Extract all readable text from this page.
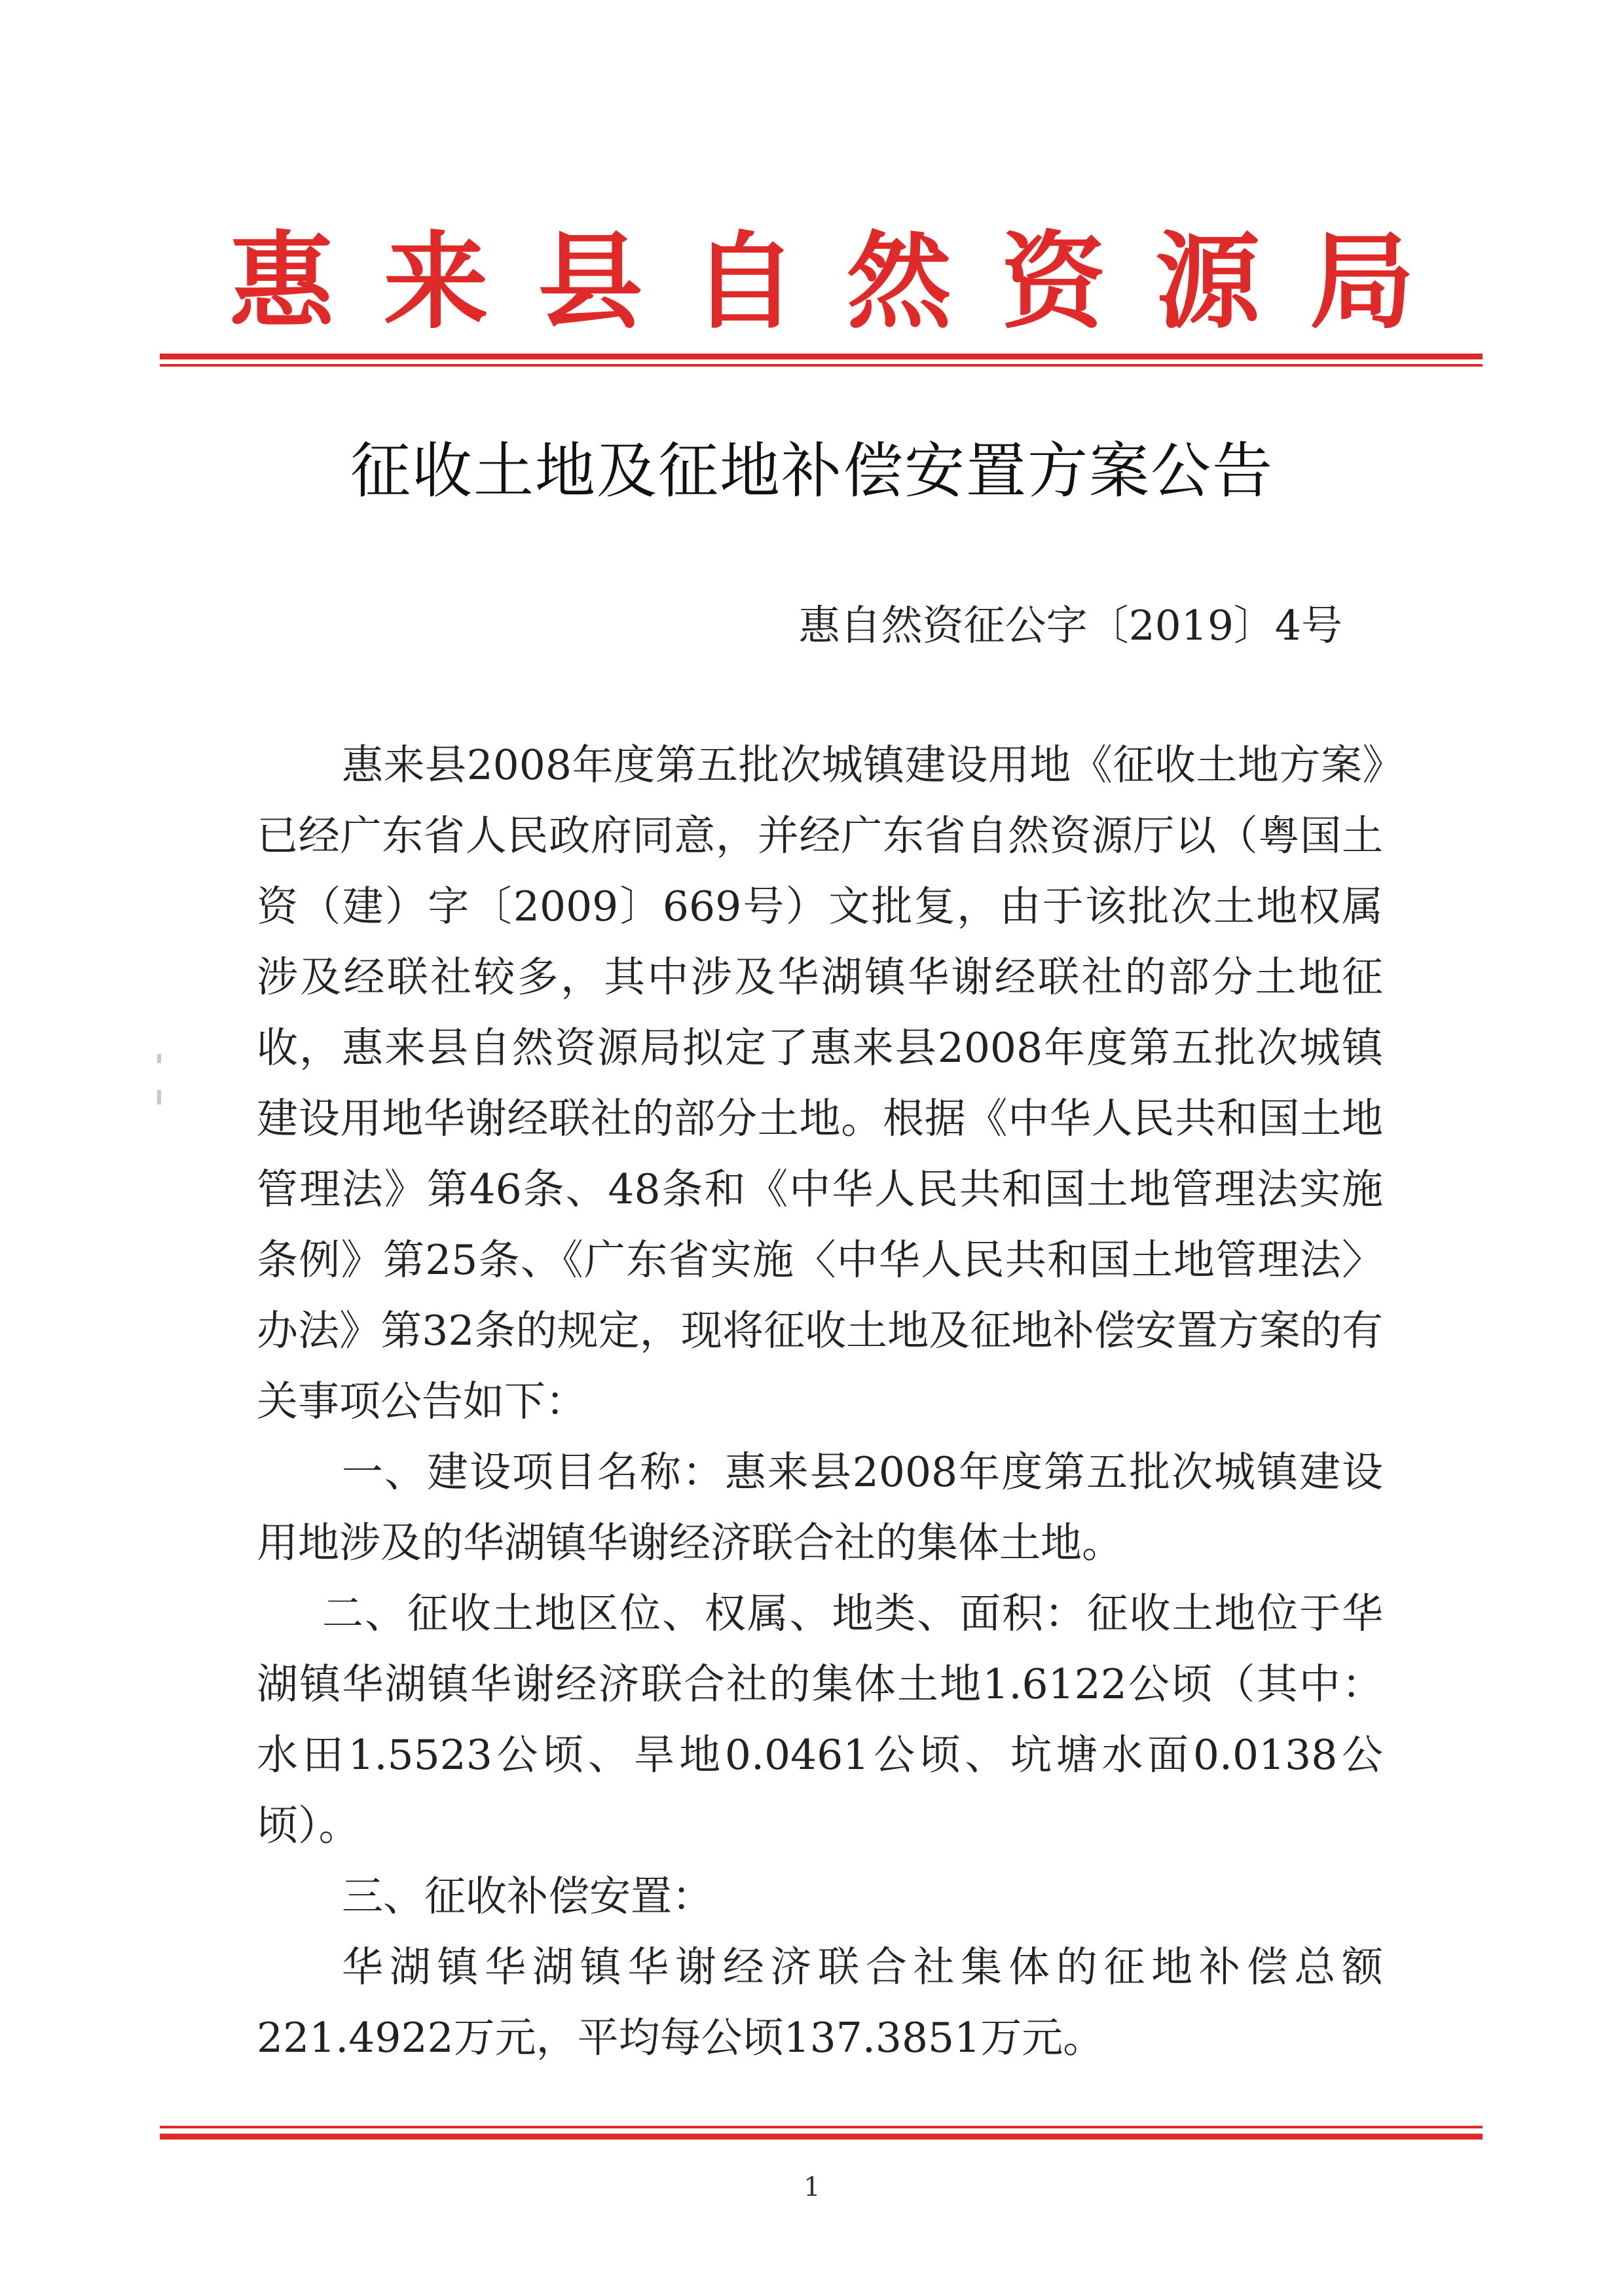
惠 来 县 自 然 资 源 局
征收土地及征地补偿安置方案公告
惠自然资征公字〔2019〕4号

惠来县2008年度第五批次城镇建设用地《征收土地方案》已经广东省人民政府同意，并经广东省自然资源厅以（粤国土资（建）字〔2009〕669号）文批复，由于该批次土地权属涉及经联社较多，其中涉及华湖镇华谢经联社的部分土地征收，惠来县自然资源局拟定了惠来县2008年度第五批次城镇建设用地华谢经联社的部分土地。根据《中华人民共和国土地管理法》第46条、48条和《中华人民共和国土地管理法实施条例》第25条、《广东省实施〈中华人民共和国土地管理法〉办法》第32条的规定，现将征收土地及征地补偿安置方案的有关事项公告如下：

一、建设项目名称：惠来县2008年度第五批次城镇建设用地涉及的华湖镇华谢经济联合社的集体土地。

二、征收土地区位、权属、地类、面积：征收土地位于华湖镇华湖镇华谢经济联合社的集体土地1.6122公顷（其中：水田1.5523公顷、旱地0.0461公顷、坑塘水面0.0138公顷）。

三、征收补偿安置：

华湖镇华湖镇华谢经济联合社集体的征地补偿总额221.4922万元，平均每公顷137.3851万元。

1
